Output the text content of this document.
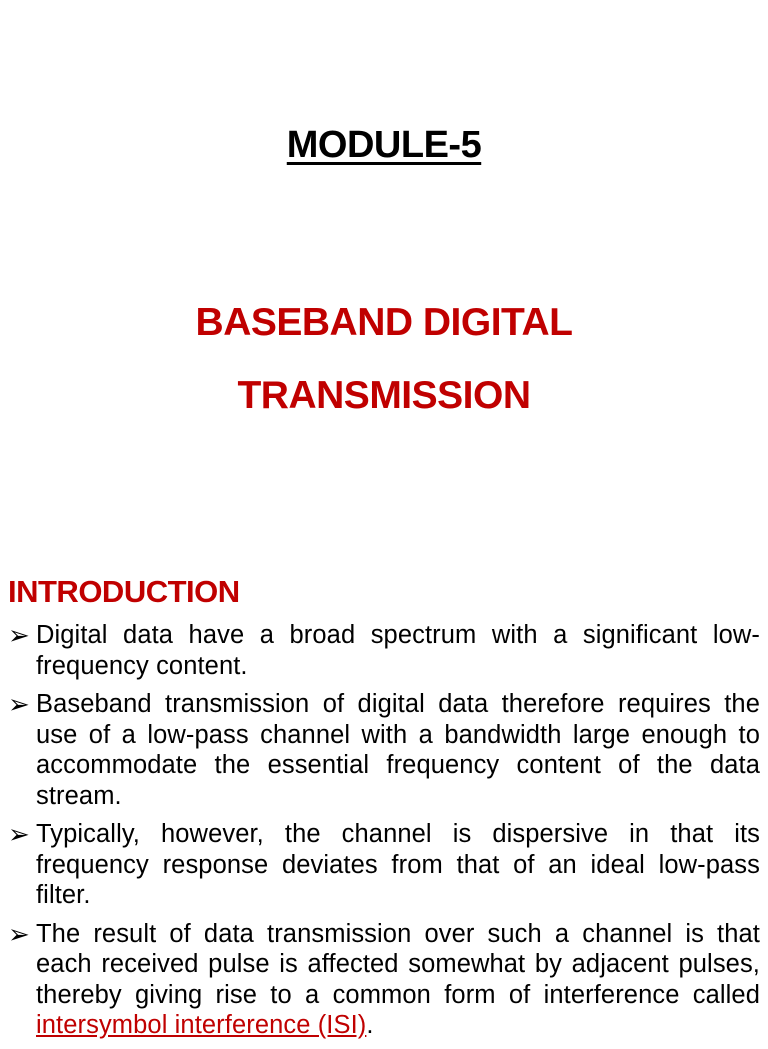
MODULE-5
BASEBAND DIGITAL
TRANSMISSION
INTRODUCTION
➢ Digital data have a broad spectrum with a significant low-frequency content.
➢ Baseband transmission of digital data therefore requires the use of a low-pass channel with a bandwidth large enough to accommodate the essential frequency content of the data stream.
➢ Typically, however, the channel is dispersive in that its frequency response deviates from that of an ideal low-pass filter.
➢ The result of data transmission over such a channel is that each received pulse is affected somewhat by adjacent pulses, thereby giving rise to a common form of interference called intersymbol interference (ISI).
